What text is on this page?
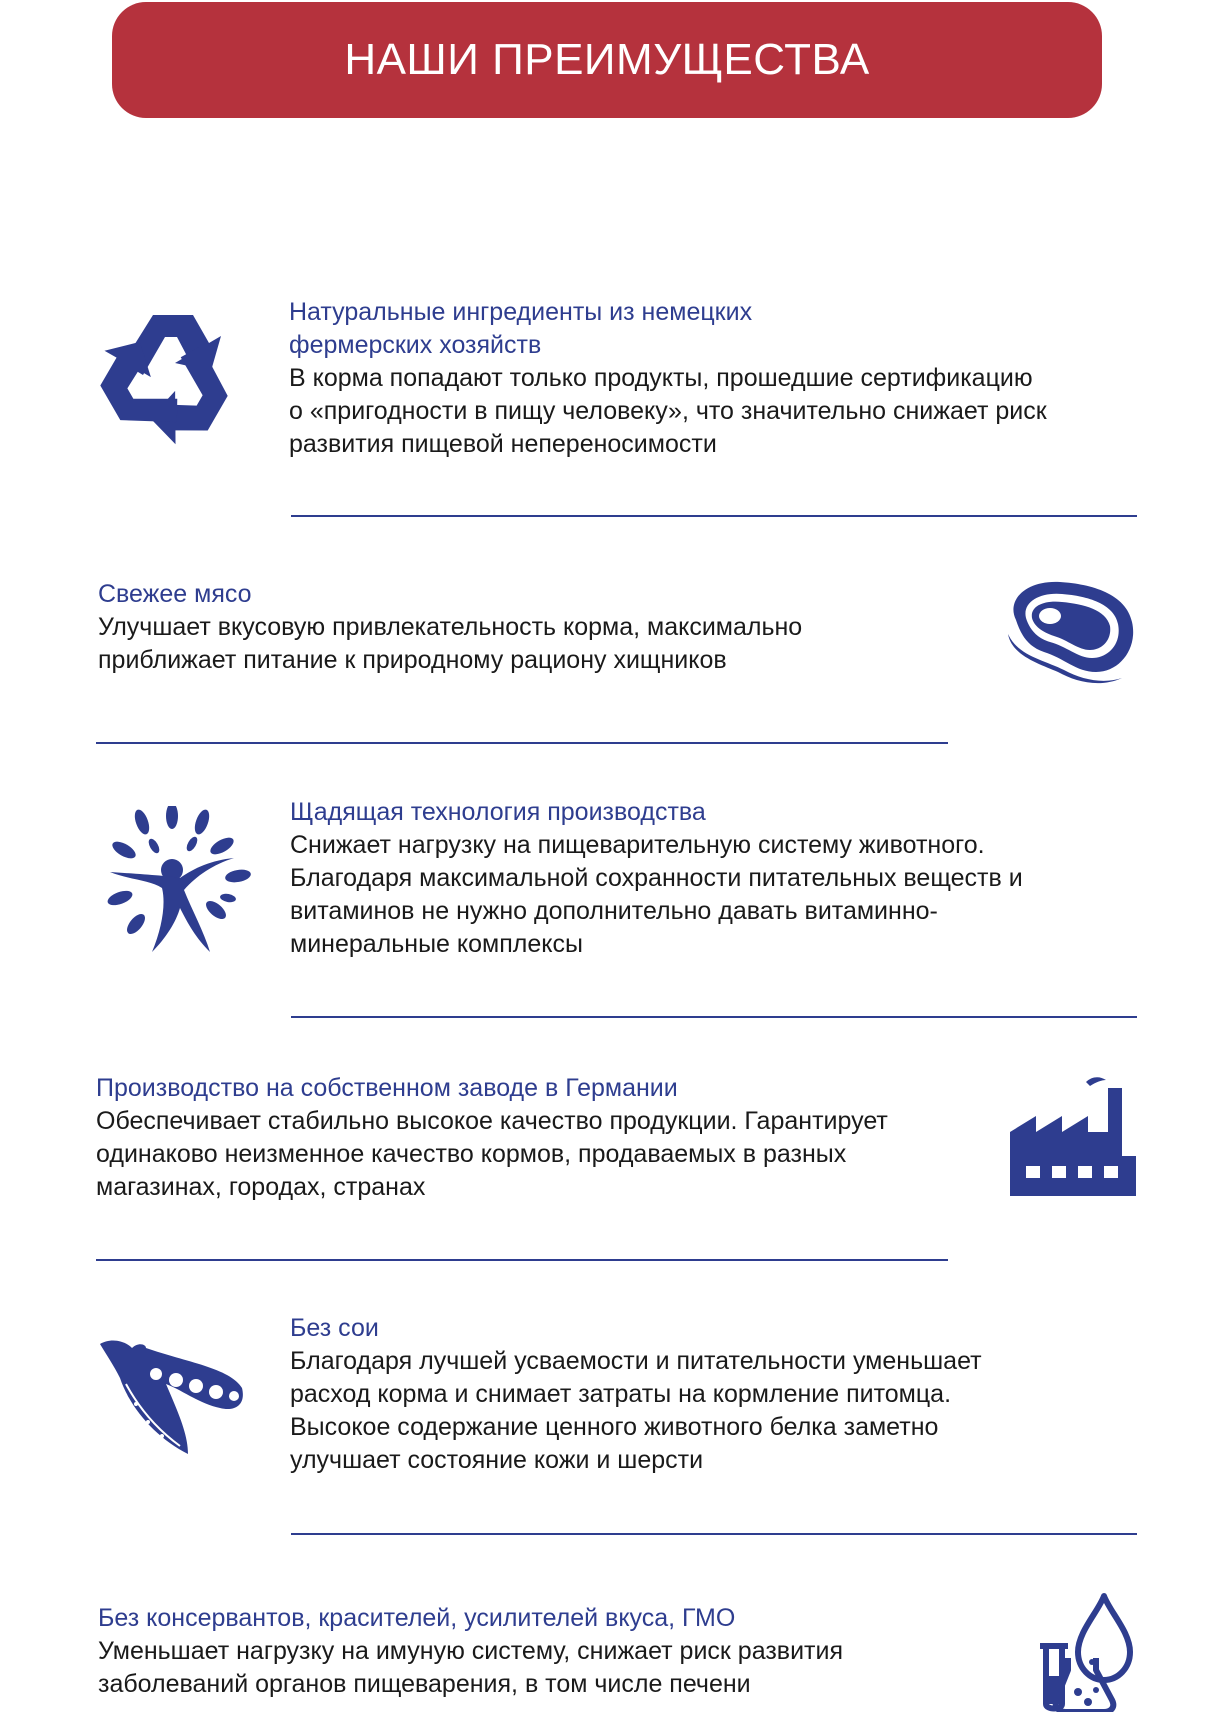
НАШИ ПРЕИМУЩЕСТВА

Натуральные ингредиенты из немецких
фермерских хозяйств

В корма попадают только продукты, прошедшие сертификацию
о «пригодности в пищу человеку», что значительно снижает риск
развития пищевой непереносимости

Свежее мясо

Улучшает вкусовую привлекательность корма, максимально
приближает питание к природному рациону хищников

Щадящая технология производства

Снижает нагрузку на пищеварительную систему животного.
Благодаря максимальной сохранности питательных веществ и
витаминов не нужно дополнительно давать витаминно-
минеральные комплексы

Производство на собственном заводе в Германии

Обеспечивает стабильно высокое качество продукции. Гарантирует
одинаково неизменное качество кормов, продаваемых в разных
магазинах, городах, странах

Без сои

Благодаря лучшей усваемости и питательности уменьшает
расход корма и снимает затраты на кормление питомца.
Высокое содержание ценного животного белка заметно
улучшает состояние кожи и шерсти

Без консервантов, красителей, усилителей вкуса, ГМО

Уменьшает нагрузку на имуную систему, снижает риск развития
заболеваний органов пищеварения, в том числе печени
